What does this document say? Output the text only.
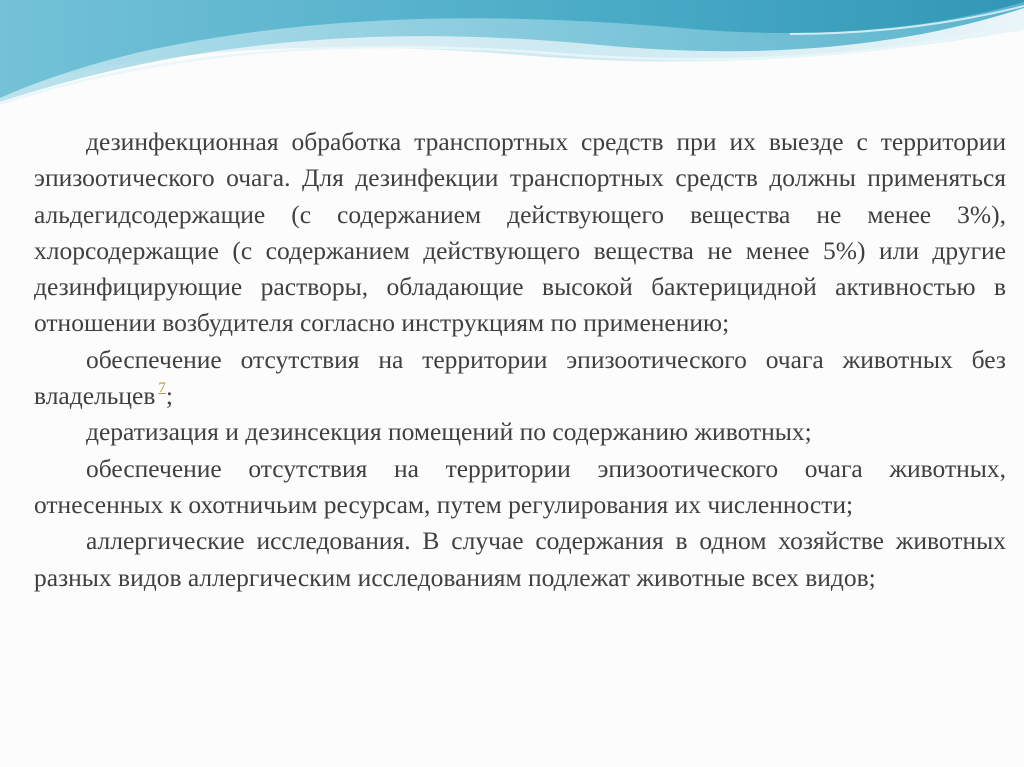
дезинфекционная обработка транспортных средств при их выезде с территории эпизоотического очага. Для дезинфекции транспортных средств должны применяться альдегидсодержащие (с содержанием действующего вещества не менее 3%), хлорсодержащие (с содержанием действующего вещества не менее 5%) или другие дезинфицирующие растворы, обладающие высокой бактерицидной активностью в отношении возбудителя согласно инструкциям по применению;

обеспечение отсутствия на территории эпизоотического очага животных без владельцев $^7$;

дератизация и дезинсекция помещений по содержанию животных;

обеспечение отсутствия на территории эпизоотического очага животных, отнесенных к охотничьим ресурсам, путем регулирования их численности;

аллергические исследования. В случае содержания в одном хозяйстве животных разных видов аллергическим исследованиям подлежат животные всех видов;
